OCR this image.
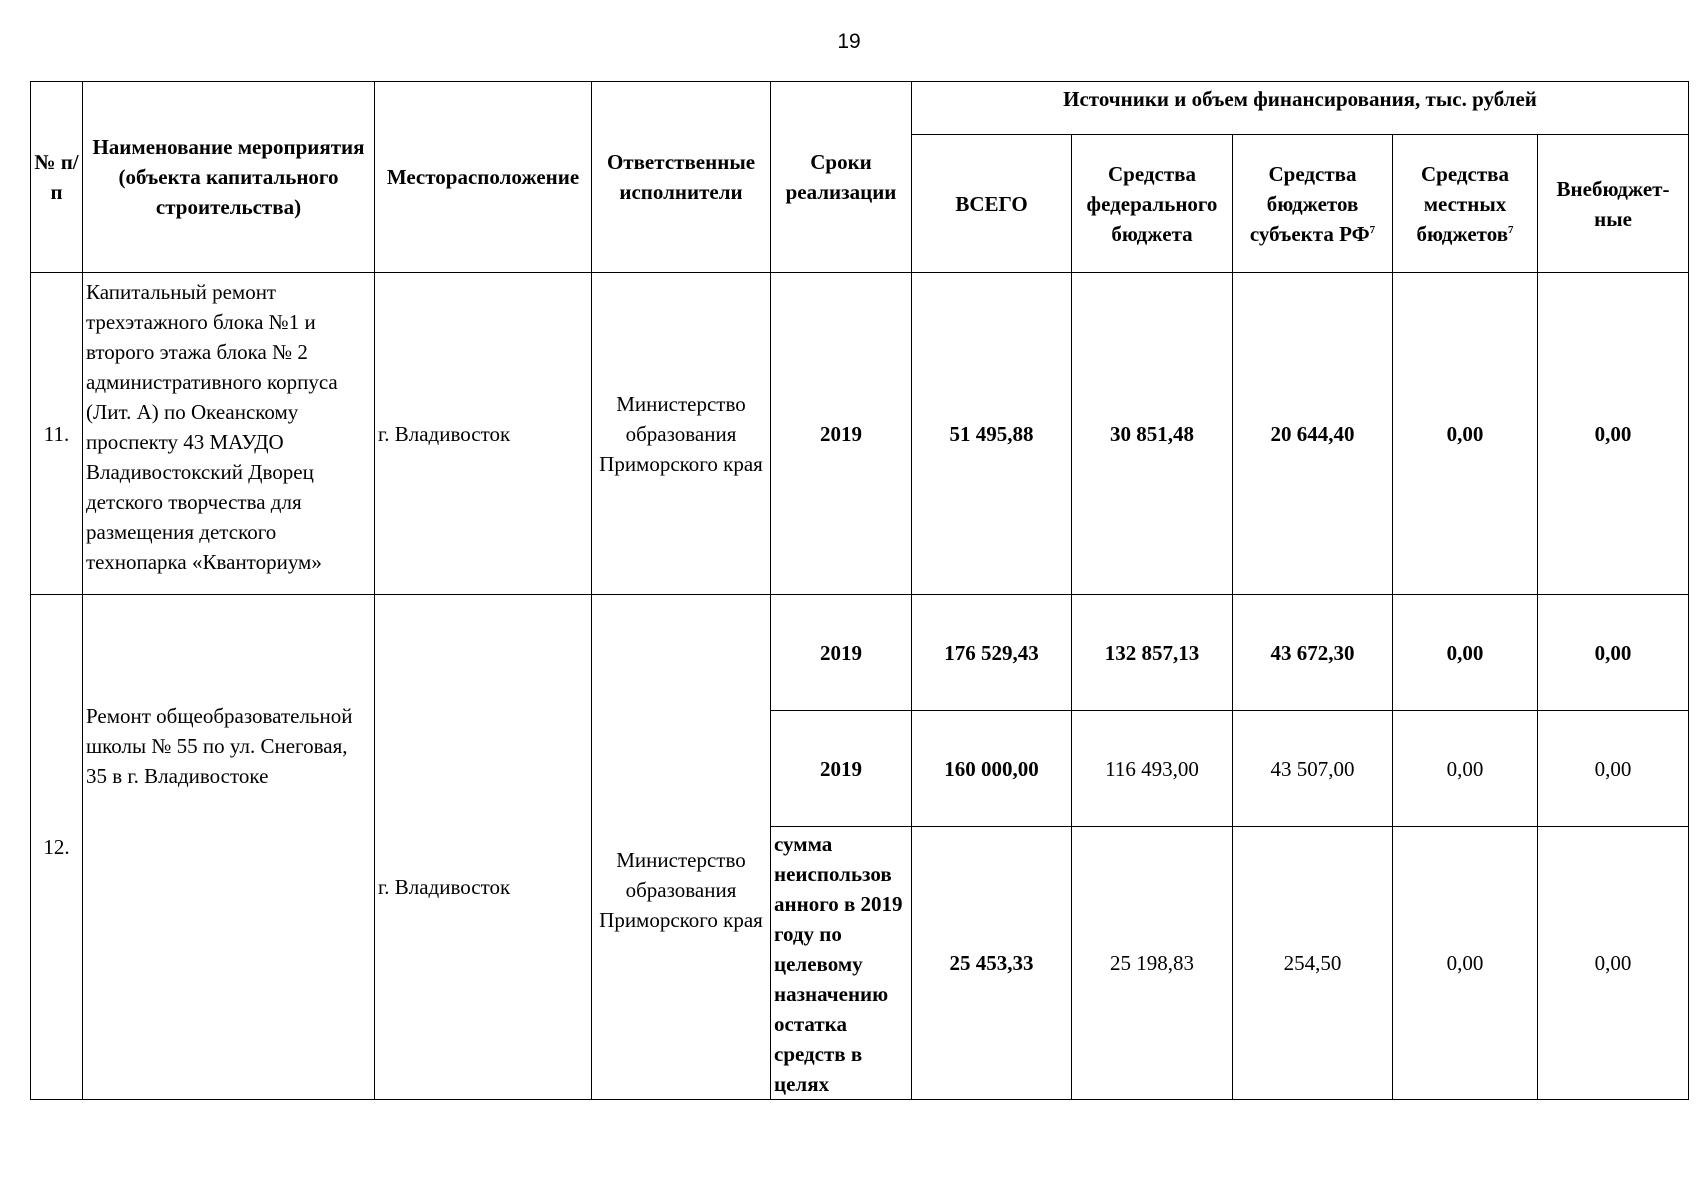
19
№ п/п	Наименование мероприятия (объекта капитального строительства)	Месторасположение	Ответственные исполнители	Сроки реализации	Источники и объем финансирования, тыс. рублей				
					ВСЕГО	Средства федерального бюджета	Средства бюджетов субъекта $РФ^7$	Средства местных бюджетов$^7$	Внебюджет-ные
11.	Капитальный ремонт трехэтажного блока №1 и второго этажа блока № 2 административного корпуса (Лит. А) по Океанскому проспекту 43 МАУДО Владивостокский Дворец детского творчества для размещения детского технопарка «Кванториум»	г. Владивосток	Министерство образования Приморского края	2019	51 495,88	30 851,48	20 644,40	0,00	0,00
12.	Ремонт общеобразовательной школы № 55 по ул. Снеговая, 35 в г. Владивостоке	г. Владивосток	Министерство образования Приморского края	2019	176 529,43	132 857,13	43 672,30	0,00	0,00
				2019	160 000,00	116 493,00	43 507,00	0,00	0,00
				сумма неиспользов анного в 2019 году по целевому назначению остатка средств в целях	25 453,33	25 198,83	254,50	0,00	0,00
